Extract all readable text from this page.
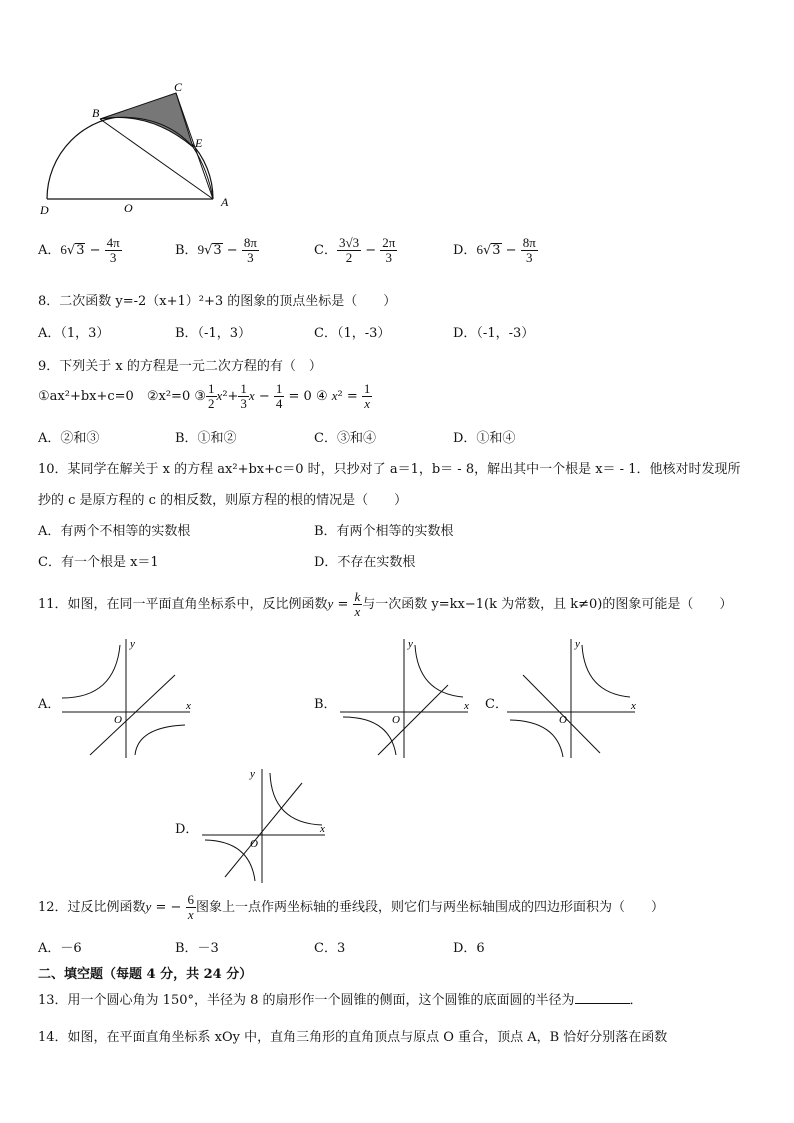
B
C
E
D	O	A
A．$6√3 - \frac{4\pi}{3}$	B．$9√3 - \frac{8\pi}{3}$	C． $\frac{3√3}{2} - \frac{2\pi}{3}$	D．$6√3 - \frac{8\pi}{3}$
8．二次函数 y=-2（x+1）²+3 的图象的顶点坐标是（　　）
A．（1，3）	B．（-1，3）	C．（1，-3）	D．（-1，-3）
9．下列关于 x 的方程是一元二次方程的有（　）
①ax²+bx+c=0　 ②x²=0 ③ $\frac{1}{2} x^2+ \frac{1}{3}$ $x - \frac{1}{4} = 0$ ④ $x^2 = \frac{1}{x}$
A．②和③	B．①和②	C．③和④	D．①和④
10．某同学在解关于 x 的方程 ax²+bx+c＝0 时，只抄对了 a＝1，b＝ - 8，解出其中一个根是 x＝ - 1．他核对时发现所
抄的 c 是原方程的 c 的相反数，则原方程的根的情况是（　　）
A．有两个不相等的实数根	B．有两个相等的实数根
C．有一个根是 x＝1	D．不存在实数根
11．如图，在同一平面直角坐标系中，反比例函数$y = \frac{k}{x}$ 与一次函数 y=kx−1(k 为常数，且 k≠0)的图象可能是（　　）
A．
y
x
O
B．
y
x
O
C．
y
x
O
D．
y
x
O
12．过反比例函数y = − $\frac{6}{x}$ 图象上一点作两坐标轴的垂线段，则它们与两坐标轴围成的四边形面积为（　　）
A．－6	B．－3	C．3	D．6
二、填空题（每题 4 分，共 24 分）
13．用一个圆心角为 150°，半径为 8 的扇形作一个圆锥的侧面，这个圆锥的底面圆的半径为	．
14．如图，在平面直角坐标系 xOy 中，直角三角形的直角顶点与原点 O 重合，顶点 A，B 恰好分别落在函数
